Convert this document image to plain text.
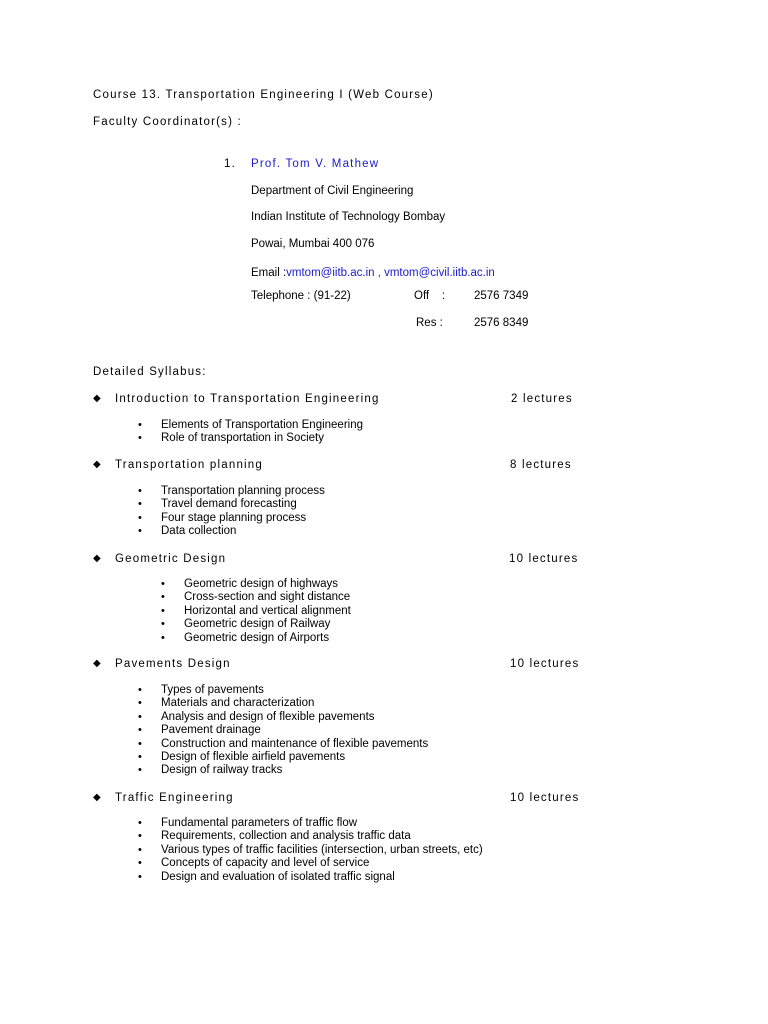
Course 13. Transportation Engineering I (Web Course)
Faculty Coordinator(s) :
1. Prof. Tom V. Mathew
Department of Civil Engineering
Indian Institute of Technology Bombay
Powai, Mumbai 400 076
Email :vmtom@iitb.ac.in , vmtom@civil.iitb.ac.in
Telephone : (91-22)	Off    :	2576 7349
Res :	2576 8349
Detailed Syllabus:
◆ Introduction to Transportation Engineering	2 lectures
• Elements of Transportation Engineering
• Role of transportation in Society
◆ Transportation planning	8 lectures
• Transportation planning process
• Travel demand forecasting
• Four stage planning process
• Data collection
◆ Geometric Design	10 lectures
• Geometric design of highways
• Cross-section and sight distance
• Horizontal and vertical alignment
• Geometric design of Railway
• Geometric design of Airports
◆ Pavements Design	10 lectures
• Types of pavements
• Materials and characterization
• Analysis and design of flexible pavements
• Pavement drainage
• Construction and maintenance of flexible pavements
• Design of flexible airfield pavements
• Design of railway tracks
◆ Traffic Engineering	10 lectures
• Fundamental parameters of traffic flow
• Requirements, collection and analysis traffic data
• Various types of traffic facilities (intersection, urban streets, etc)
• Concepts of capacity and level of service
• Design and evaluation of isolated traffic signal
